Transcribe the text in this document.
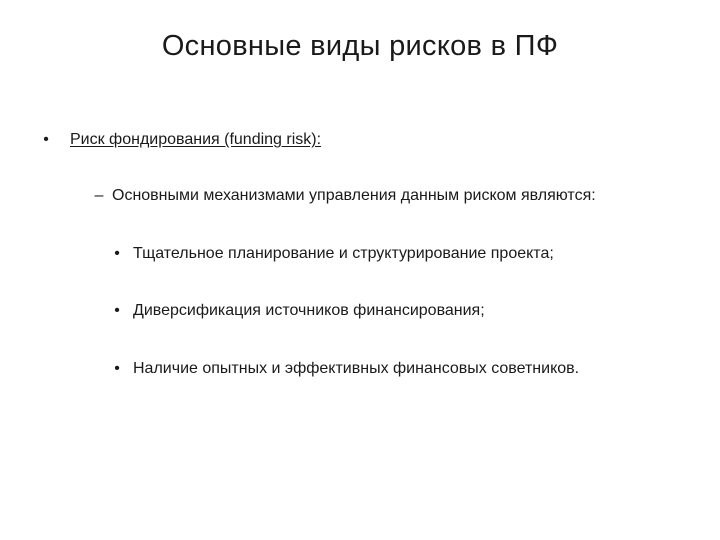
Основные виды рисков в ПФ
•	Риск фондирования (funding risk):
– Основными механизмами управления данным риском являются:
• Тщательное планирование и структурирование проекта;
• Диверсификация источников финансирования;
• Наличие опытных и эффективных финансовых советников.
